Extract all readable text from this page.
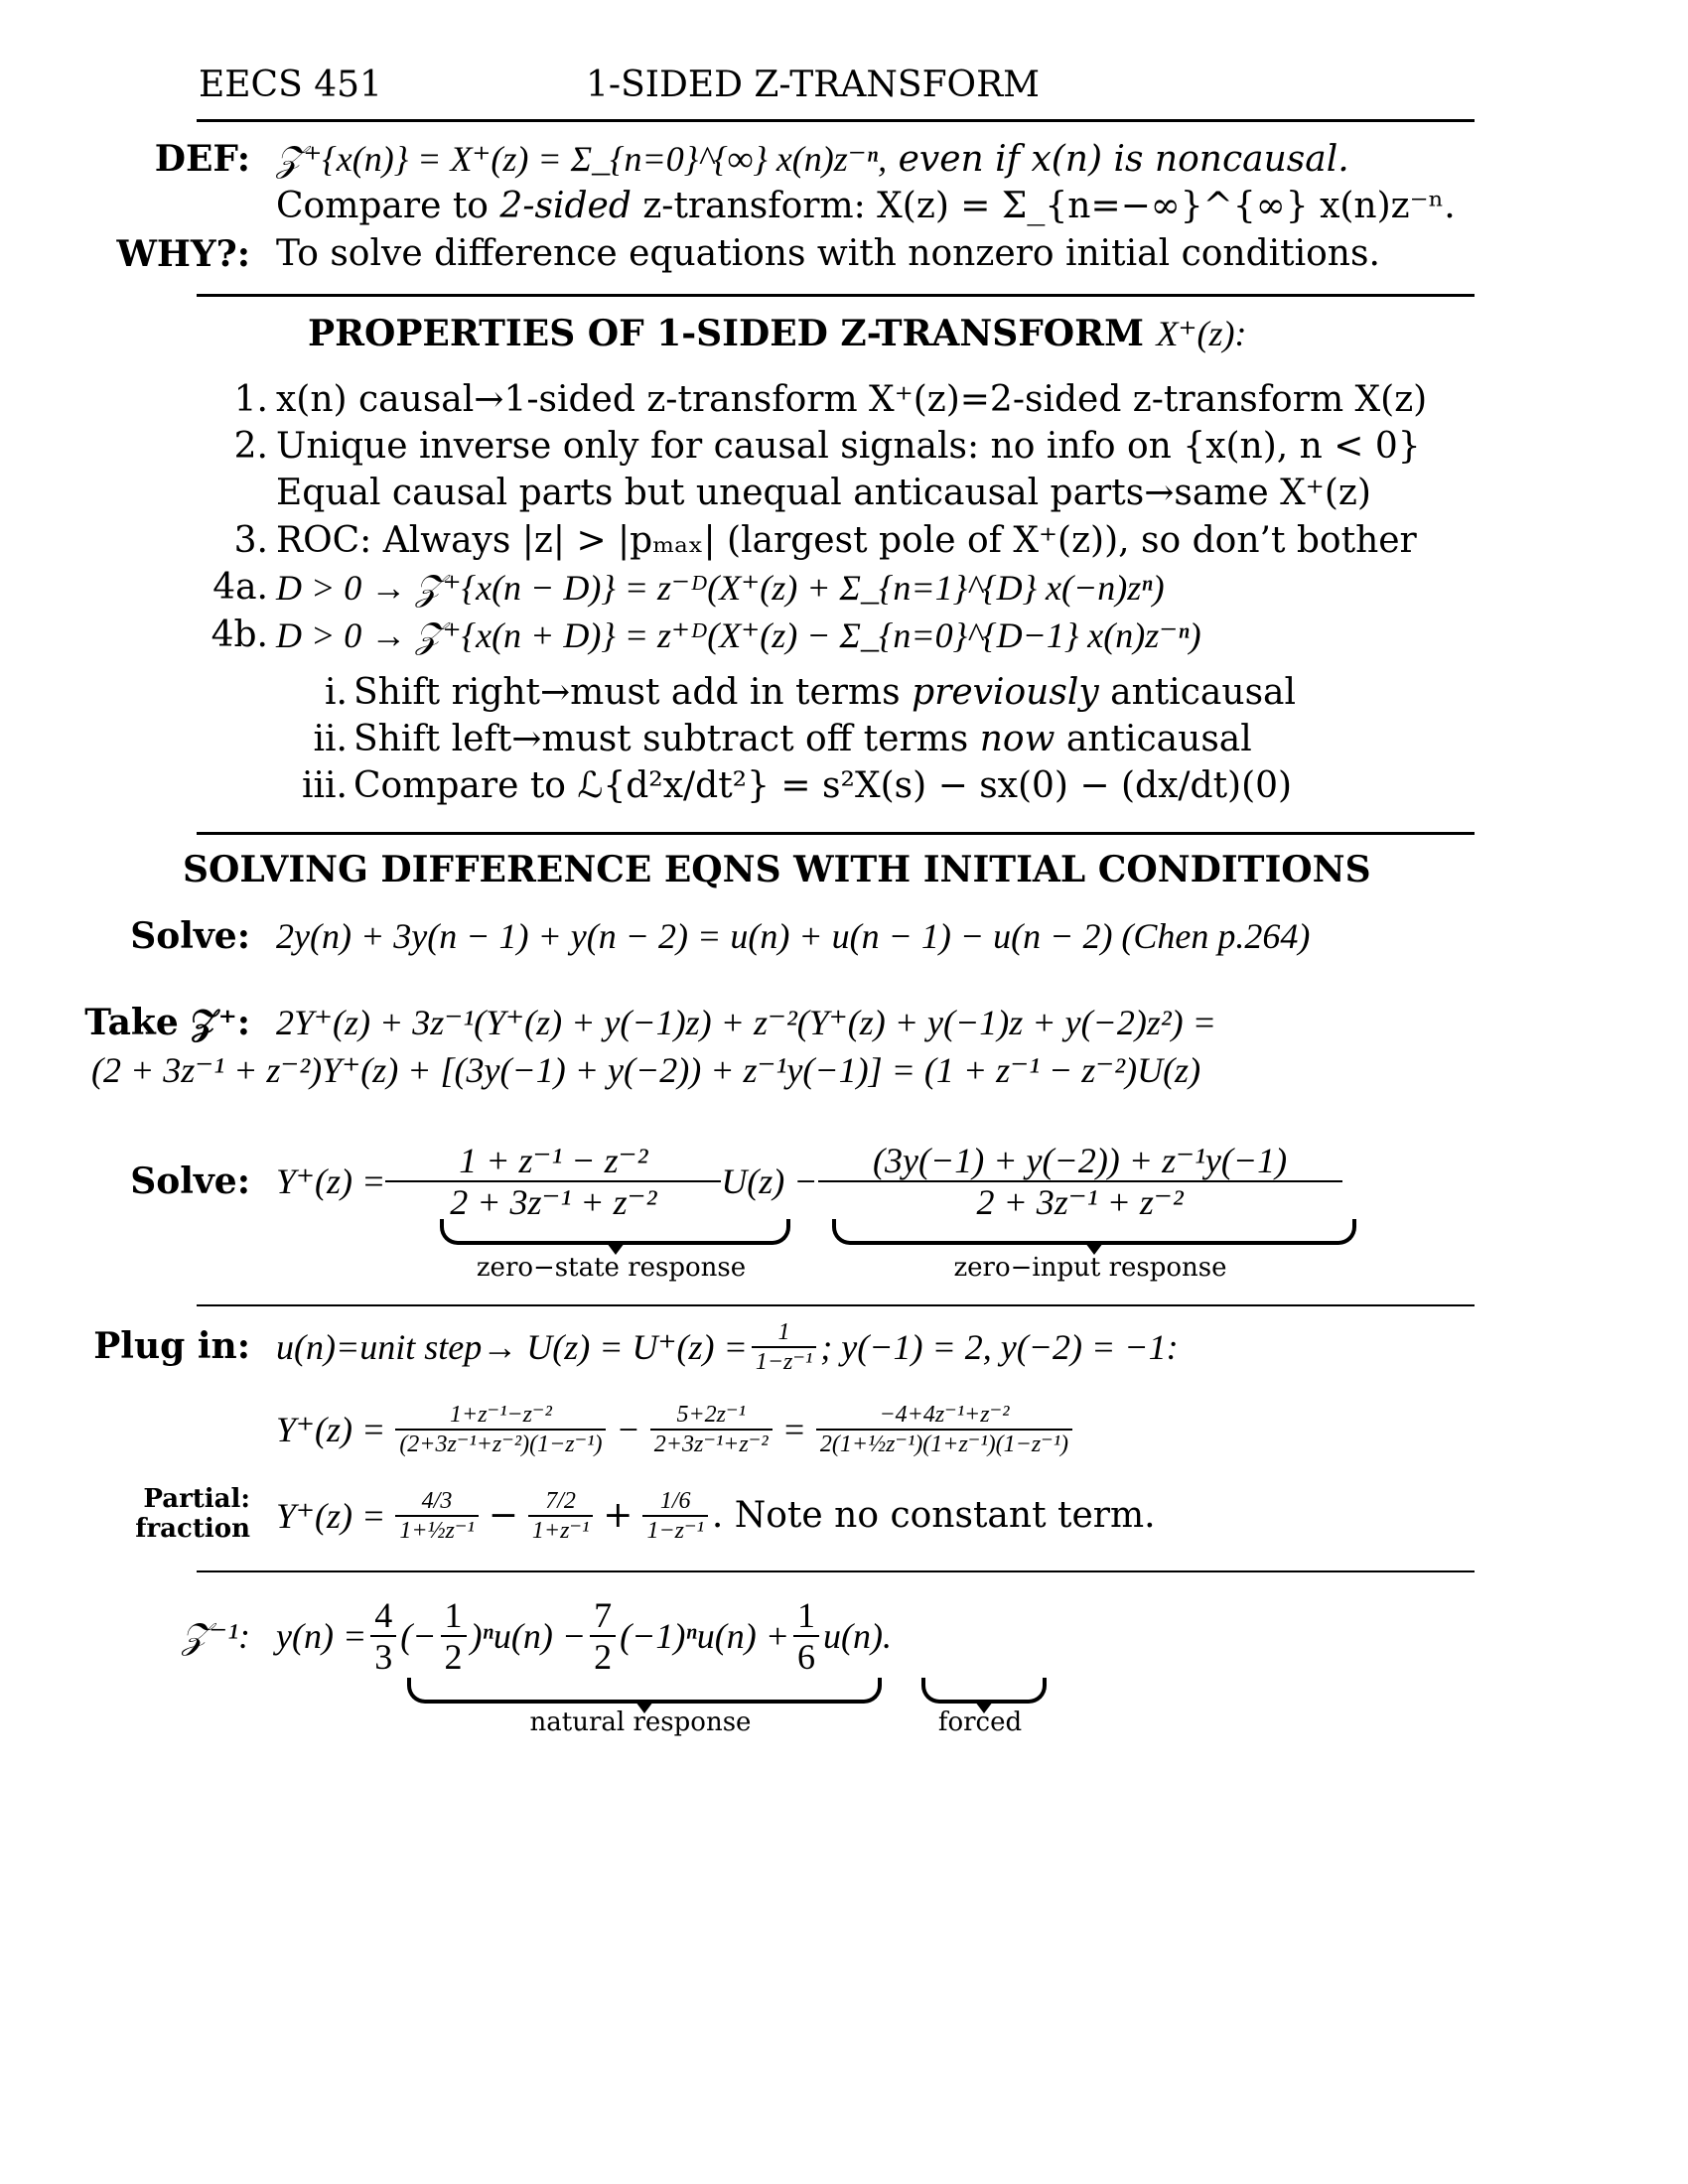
EECS 451	1-SIDED Z-TRANSFORM
DEF: 𝒵⁺{x(n)} = X⁺(z) = Σ_{n=0}^{∞} x(n)z⁻ⁿ, even if x(n) is noncausal.
Compare to 2-sided z-transform: X(z) = Σ_{n=−∞}^{∞} x(n)z⁻ⁿ.
WHY?: To solve difference equations with nonzero initial conditions.
PROPERTIES OF 1-SIDED Z-TRANSFORM X⁺(z):
1. x(n) causal→1-sided z-transform X⁺(z)=2-sided z-transform X(z)
2. Unique inverse only for causal signals: no info on {x(n), n < 0}
Equal causal parts but unequal anticausal parts→same X⁺(z)
3. ROC: Always |z| > |pₘₐₓ| (largest pole of X⁺(z)), so don’t bother
4a. D > 0 → 𝒵⁺{x(n − D)} = z⁻ᴰ(X⁺(z) + Σ_{n=1}^{D} x(−n)zⁿ)
4b. D > 0 → 𝒵⁺{x(n + D)} = z⁺ᴰ(X⁺(z) − Σ_{n=0}^{D−1} x(n)z⁻ⁿ)
i. Shift right→must add in terms previously anticausal
ii. Shift left→must subtract off terms now anticausal
iii. Compare to ℒ{d²x/dt²} = s²X(s) − sx(0) − (dx/dt)(0)
SOLVING DIFFERENCE EQNS WITH INITIAL CONDITIONS
Solve: 2y(n) + 3y(n − 1) + y(n − 2) = u(n) + u(n − 1) − u(n − 2) (Chen p.264)
Take 𝒵⁺: 2Y⁺(z) + 3z⁻¹(Y⁺(z) + y(−1)z) + z⁻²(Y⁺(z) + y(−1)z + y(−2)z²) =
(2 + 3z⁻¹ + z⁻²)Y⁺(z) + [(3y(−1) + y(−2)) + z⁻¹y(−1)] = (1 + z⁻¹ − z⁻²)U(z)
Solve: $Y^+(z) = \frac{\text{1 + z⁻¹ − z⁻²}}{\text{2 + 3z⁻¹ + z⁻²}} U(z) - \frac{\text{(3y(−1) + y(−2)) + z⁻¹y(−1)}}{\text{2 + 3z⁻¹ + z⁻²}}$
zero−state response	zero−input response
Plug in: u(n)=unit step→ $U(z) = U^+(z) = \frac{1}{\text{1−z⁻¹}}$ ; y(−1) = 2, y(−2) = −1:
$Y^+(z) = \frac{\text{1+z⁻¹−z⁻²}}{\text{(2+3z⁻¹+z⁻²)(1−z⁻¹)}} - \frac{\text{5+2z⁻¹}}{\text{2+3z⁻¹+z⁻²}} = \frac{\text{−4+4z⁻¹+z⁻²}}{\text{2(1+½z⁻¹)(1+z⁻¹)(1−z⁻¹)}}$
Partial:
fraction $Y^+(z) = \frac{4/3}{\text{1+½z⁻¹}} - \frac{7/2}{\text{1+z⁻¹}} + \frac{1/6}{\text{1−z⁻¹}}$ . Note no constant term.
𝒵⁻¹: $y(n) = \frac{4}{3}$ (− $\frac{1}{2} )^nu(n) - \frac{7}{2} (-1)^nu(n) + \frac{1}{6} u(n)$.
natural response	forced
